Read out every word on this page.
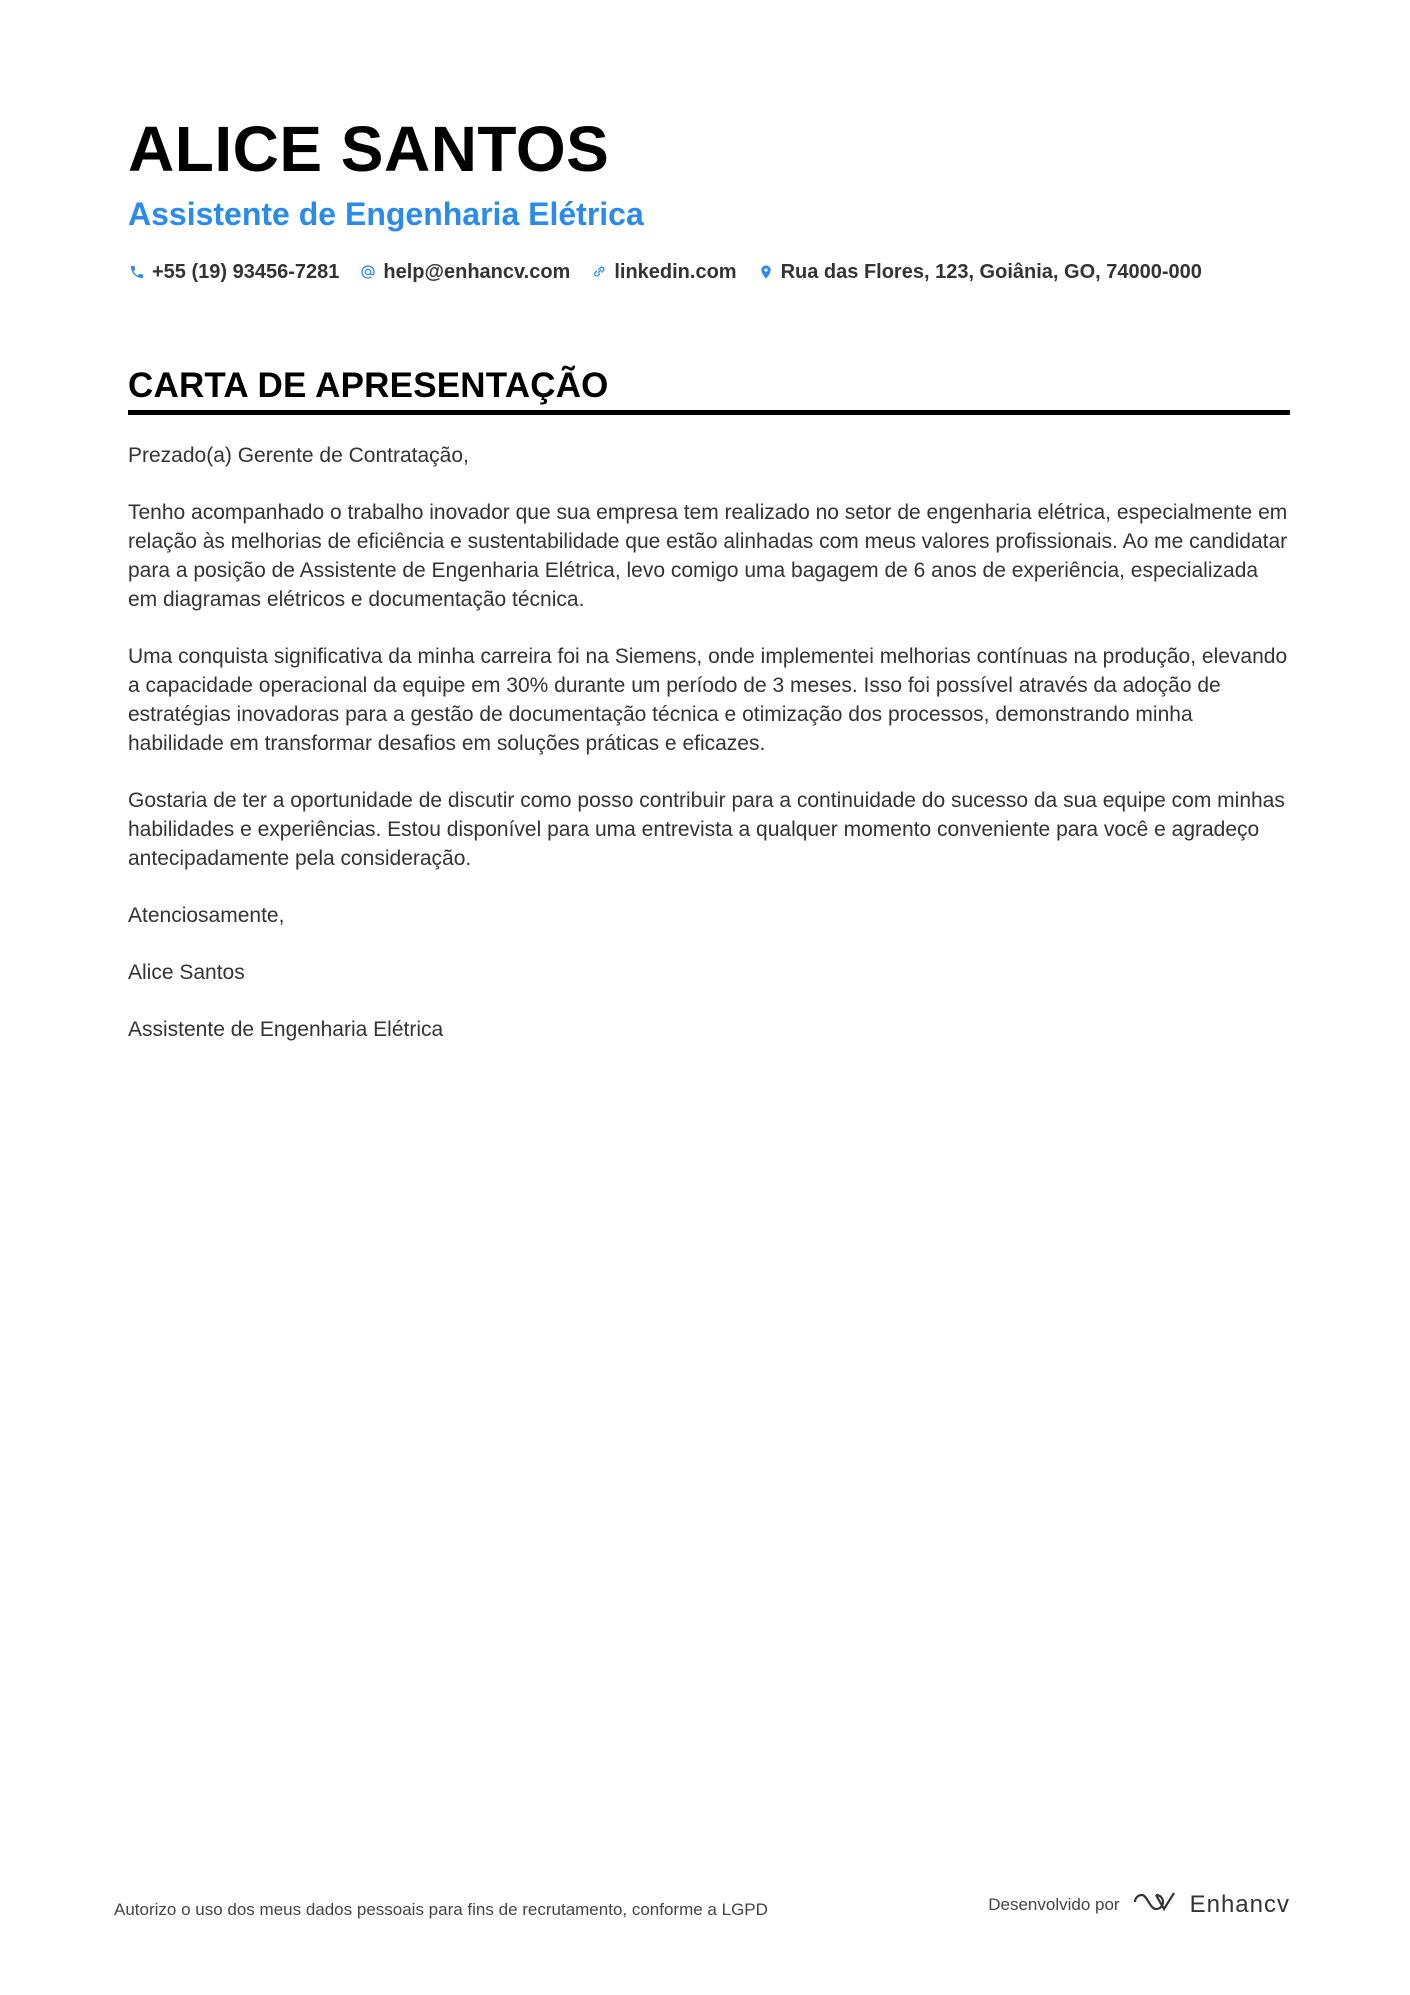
ALICE SANTOS
Assistente de Engenharia Elétrica
+55 (19) 93456-7281 help@enhancv.com linkedin.com Rua das Flores, 123, Goiânia, GO, 74000-000
CARTA DE APRESENTAÇÃO

Prezado(a) Gerente de Contratação,

Tenho acompanhado o trabalho inovador que sua empresa tem realizado no setor de engenharia elétrica, especialmente em relação às melhorias de eficiência e sustentabilidade que estão alinhadas com meus valores profissionais. Ao me candidatar para a posição de Assistente de Engenharia Elétrica, levo comigo uma bagagem de 6 anos de experiência, especializada em diagramas elétricos e documentação técnica.

Uma conquista significativa da minha carreira foi na Siemens, onde implementei melhorias contínuas na produção, elevando a capacidade operacional da equipe em 30% durante um período de 3 meses. Isso foi possível através da adoção de estratégias inovadoras para a gestão de documentação técnica e otimização dos processos, demonstrando minha habilidade em transformar desafios em soluções práticas e eficazes.

Gostaria de ter a oportunidade de discutir como posso contribuir para a continuidade do sucesso da sua equipe com minhas habilidades e experiências. Estou disponível para uma entrevista a qualquer momento conveniente para você e agradeço antecipadamente pela consideração.

Atenciosamente,

Alice Santos

Assistente de Engenharia Elétrica

Autorizo o uso dos meus dados pessoais para fins de recrutamento, conforme a LGPD	Desenvolvido por	Enhancv
